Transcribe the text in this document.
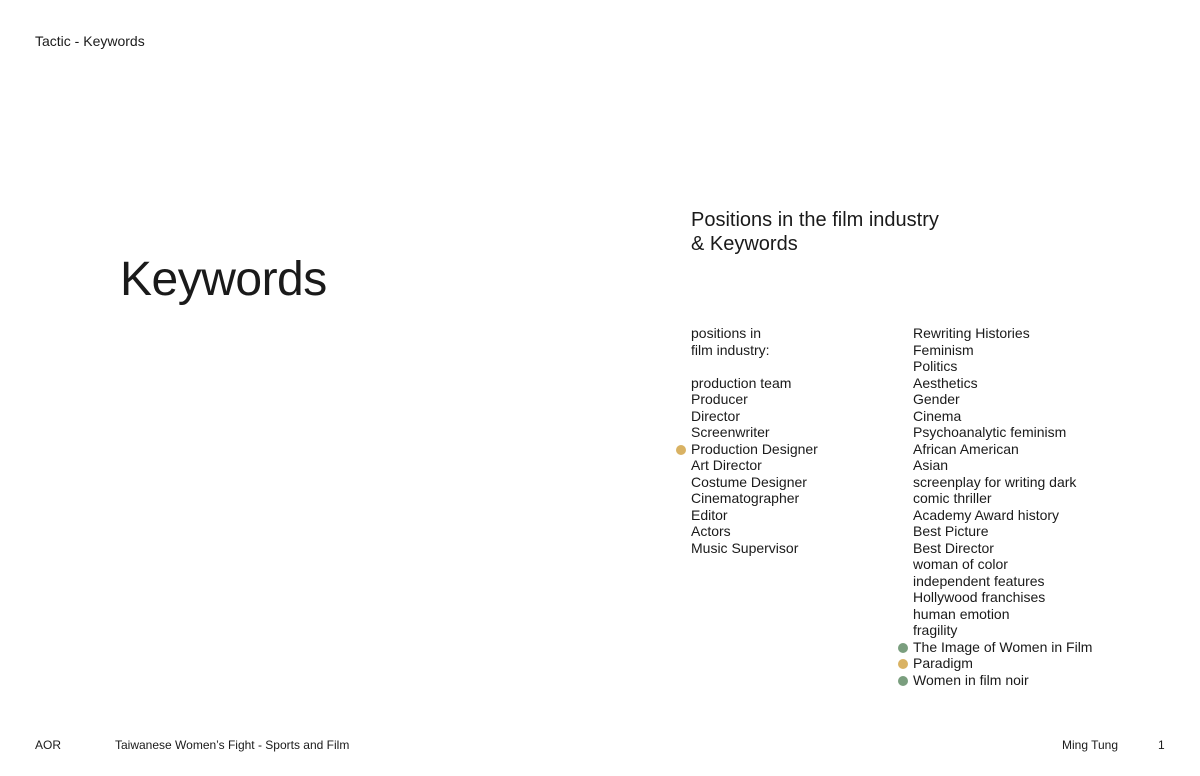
Tactic - Keywords
Keywords
Positions in the film industry
& Keywords
positions in
film industry:
production team
Producer
Director
Screenwriter
Production Designer
Art Director
Costume Designer
Cinematographer
Editor
Actors
Music Supervisor
Rewriting Histories
Feminism
Politics
Aesthetics
Gender
Cinema
Psychoanalytic feminism
African American
Asian
screenplay for writing dark
comic thriller
Academy Award history
Best Picture
Best Director
woman of color
independent features
Hollywood franchises
human emotion
fragility
The Image of Women in Film
Paradigm
Women in film noir
AOR	Taiwanese Women’s Fight - Sports and Film	Ming Tung	1
